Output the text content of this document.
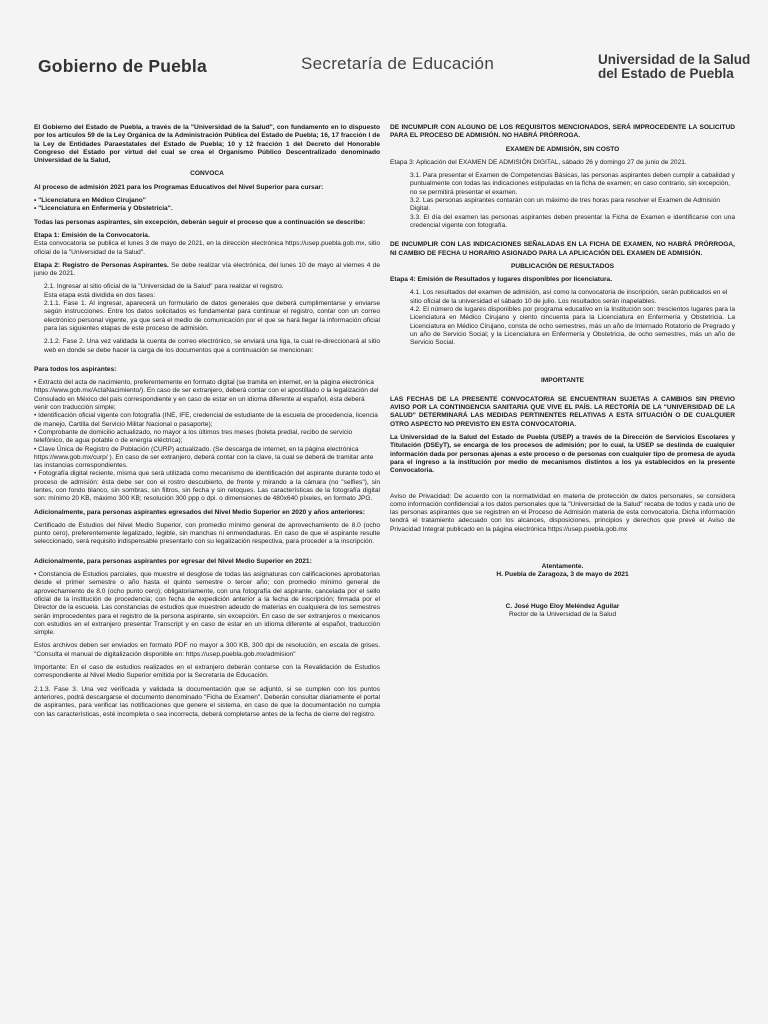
Gobierno de Puebla	Secretaría de Educación	Universidad de la Salud
del Estado de Puebla

El Gobierno del Estado de Puebla, a través de la "Universidad de la Salud", con fundamento en lo dispuesto por los artículos 59 de la Ley Orgánica de la Administración Pública del Estado de Puebla; 16, 17 fracción I de la Ley de Entidades Paraestatales del Estado de Puebla; 10 y 12 fracción 1 del Decreto del Honorable Congreso del Estado por virtud del cual se crea el Organismo Público Descentralizado denominado Universidad de la Salud,

CONVOCA

Al proceso de admisión 2021 para los Programas Educativos del Nivel Superior para cursar:

• "Licenciatura en Médico Cirujano"

• "Licenciatura en Enfermería y Obstetricia".

Todas las personas aspirantes, sin excepción, deberán seguir el proceso que a continuación se describe:

Etapa 1: Emisión de la Convocatoria.

Esta convocatoria se publica el lunes 3 de mayo de 2021, en la dirección electrónica https://usep.puebla.gob.mx, sitio oficial de la "Universidad de la Salud".

Etapa 2: Registro de Personas Aspirantes. Se debe realizar vía electrónica, del lunes 10 de mayo al viernes 4 de junio de 2021.

2.1. Ingresar al sitio oficial de la "Universidad de la Salud" para realizar el registro.
Esta etapa está dividida en dos fases:

2.1.1. Fase 1. Al ingresar, aparecerá un formulario de datos generales que deberá cumplimentarse y enviarse según instrucciones. Entre los datos solicitados es fundamental para continuar el registro, contar con un correo electrónico personal vigente, ya que será el medio de comunicación por el que se hará llegar la información oficial para las siguientes etapas de este proceso de admisión.

2.1.2. Fase 2. Una vez validada la cuenta de correo electrónico, se enviará una liga, la cual re-direccionará al sitio web en donde se debe hacer la carga de los documentos que a continuación se mencionan:

Para todos los aspirantes:

• Extracto del acta de nacimiento, preferentemente en formato digital (se tramita en internet, en la página electrónica https://www.gob.mx/ActaNacimiento/). En caso de ser extranjero, deberá contar con el apostillado o la legalización del Consulado en México del país correspondiente y en caso de estar en un idioma diferente al español, ésta deberá venir con traducción simple;
• Identificación oficial vigente con fotografía (INE, IFE, credencial de estudiante de la escuela de procedencia, licencia de manejo, Cartilla del Servicio Militar Nacional o pasaporte);
• Comprobante de domicilio actualizado, no mayor a los últimos tres meses (boleta predial, recibo de servicio telefónico, de agua potable o de energía eléctrica);
• Clave Única de Registro de Población (CURP) actualizado. (Se descarga de internet, en la página electrónica https://www.gob.mx/curp/ ). En caso de ser extranjero, deberá contar con la clave, la cual se deberá de tramitar ante las instancias correspondientes.

• Fotografía digital reciente, misma que será utilizada como mecanismo de identificación del aspirante durante todo el proceso de admisión: ésta debe ser con el rostro descubierto, de frente y mirando a la cámara (no "selfies"), sin lentes, con fondo blanco, sin sombras, sin filtros, sin fecha y sin retoques. Las características de la fotografía digital son: mínimo 20 KB, máximo 300 KB; resolución 300 ppp o dpi. o dimensiones de 480x640 píxeles, en formato JPG.

Adicionalmente, para personas aspirantes egresados del Nivel Medio Superior en 2020 y años anteriores:

Certificado de Estudios del Nivel Medio Superior, con promedio mínimo general de aprovechamiento de 8.0 (ocho punto cero), preferentemente legalizado, legible, sin manchas ni enmendaduras. En caso de que el aspirante resulte seleccionado, será requisito indispensable presentarlo con su legalización respectiva, para proceder a la inscripción.

Adicionalmente, para personas aspirantes por egresar del Nivel Medio Superior en 2021:

• Constancia de Estudios parciales, que muestre el desglose de todas las asignaturas con calificaciones aprobatorias desde el primer semestre o año hasta el quinto semestre o tercer año; con promedio mínimo general de aprovechamiento de 8.0 (ocho punto cero); obligatoriamente, con una fotografía del aspirante, cancelada por el sello oficial de la institución de procedencia; con fecha de expedición anterior a la fecha de inscripción; firmada por el Director de la escuela. Las constancias de estudios que muestren adeudo de materias en cualquiera de los semestres serán improcedentes para el registro de la persona aspirante, sin excepción. En caso de ser extranjeros o mexicanos con estudios en el extranjero presentar Transcript y en caso de estar en un idioma diferente al español, traducción simple.

Estos archivos deben ser enviados en formato PDF no mayor a 300 KB, 300 dpi de resolución, en escala de grises. "Consulta el manual de digitalización disponible en: https://usep.puebla.gob.mx/admision"

Importante: En el caso de estudios realizados en el extranjero deberán contarse con la Revalidación de Estudios correspondiente al Nivel Medio Superior emitida por la Secretaría de Educación.

2.1.3. Fase 3. Una vez verificada y validada la documentación que se adjuntó, si se cumplen con los puntos anteriores, podrá descargarse el documento denominado "Ficha de Examen". Deberán consultar diariamente el portal de aspirantes, para verificar las notificaciones que genere el sistema, en caso de que la documentación no cumpla con las características, esté incompleta o sea incorrecta, deberá completarse antes de la fecha de cierre del registro.

DE INCUMPLIR CON ALGUNO DE LOS REQUISITOS MENCIONADOS, SERÁ IMPROCEDENTE LA SOLICITUD PARA EL PROCESO DE ADMISIÓN. NO HABRÁ PRÓRROGA.

EXAMEN DE ADMISIÓN, SIN COSTO

Etapa 3: Aplicación del EXAMEN DE ADMISIÓN DIGITAL, sábado 26 y domingo 27 de junio de 2021.

3.1. Para presentar el Examen de Competencias Básicas, las personas aspirantes deben cumplir a cabalidad y puntualmente con todas las indicaciones estipuladas en la ficha de examen; en caso contrario, sin excepción, no se permitirá presentar el examen.
3.2. Las personas aspirantes contarán con un máximo de tres horas para resolver el Examen de Admisión Digital.

3.3. El día del examen las personas aspirantes deben presentar la Ficha de Examen e identificarse con una credencial vigente con fotografía.

DE INCUMPLIR CON LAS INDICACIONES SEÑALADAS EN LA FICHA DE EXAMEN, NO HABRÁ PRÓRROGA, NI CAMBIO DE FECHA U HORARIO ASIGNADO PARA LA APLICACIÓN DEL EXAMEN DE ADMISIÓN.

PUBLICACIÓN DE RESULTADOS

Etapa 4: Emisión de Resultados y lugares disponibles por licenciatura.

4.1. Los resultados del examen de admisión, así como la convocatoria de inscripción, serán publicados en el sitio oficial de la universidad el sábado 10 de julio. Los resultados serán inapelables.

4.2. El número de lugares disponibles por programa educativo en la Institución son: trescientos lugares para la Licenciatura en Médico Cirujano y ciento cincuenta para la Licenciatura en Enfermería y Obstetricia. La Licenciatura en Médico Cirujano, consta de ocho semestres, más un año de Internado Rotatorio de Pregrado y un año de Servicio Social; y la Licenciatura en Enfermería y Obstetricia, de ocho semestres, más un año de Servicio Social.

IMPORTANTE

LAS FECHAS DE LA PRESENTE CONVOCATORIA SE ENCUENTRAN SUJETAS A CAMBIOS SIN PREVIO AVISO POR LA CONTINGENCIA SANITARIA QUE VIVE EL PAÍS. LA RECTORÍA DE LA "UNIVERSIDAD DE LA SALUD" DETERMINARÁ LAS MEDIDAS PERTINENTES RELATIVAS A ESTA SITUACIÓN O DE CUALQUIER OTRO ASPECTO NO PREVISTO EN ESTA CONVOCATORIA.

La Universidad de la Salud del Estado de Puebla (USEP) a través de la Dirección de Servicios Escolares y Titulación (DSEyT), se encarga de los procesos de admisión; por lo cual, la USEP se deslinda de cualquier información dada por personas ajenas a este proceso o de personas con cualquier tipo de promesa de ayuda para el ingreso a la institución por medio de mecanismos distintos a los ya establecidos en la presente Convocatoria.

Aviso de Privacidad: De acuerdo con la normatividad en materia de protección de datos personales, se considera como información confidencial a los datos personales que la "Universidad de la Salud" recaba de todos y cada uno de las personas aspirantes que se registren en el Proceso de Admisión materia de esta convocatoria. Dicha información tendrá el tratamiento adecuado con los alcances, disposiciones, principios y derechos que prevé el Aviso de Privacidad Integral publicado en la página electrónica https://usep.puebla.gob.mx

Atentamente.

H. Puebla de Zaragoza, 3 de mayo de 2021

C. José Hugo Eloy Meléndez Aguilar
Rector de la Universidad de la Salud
